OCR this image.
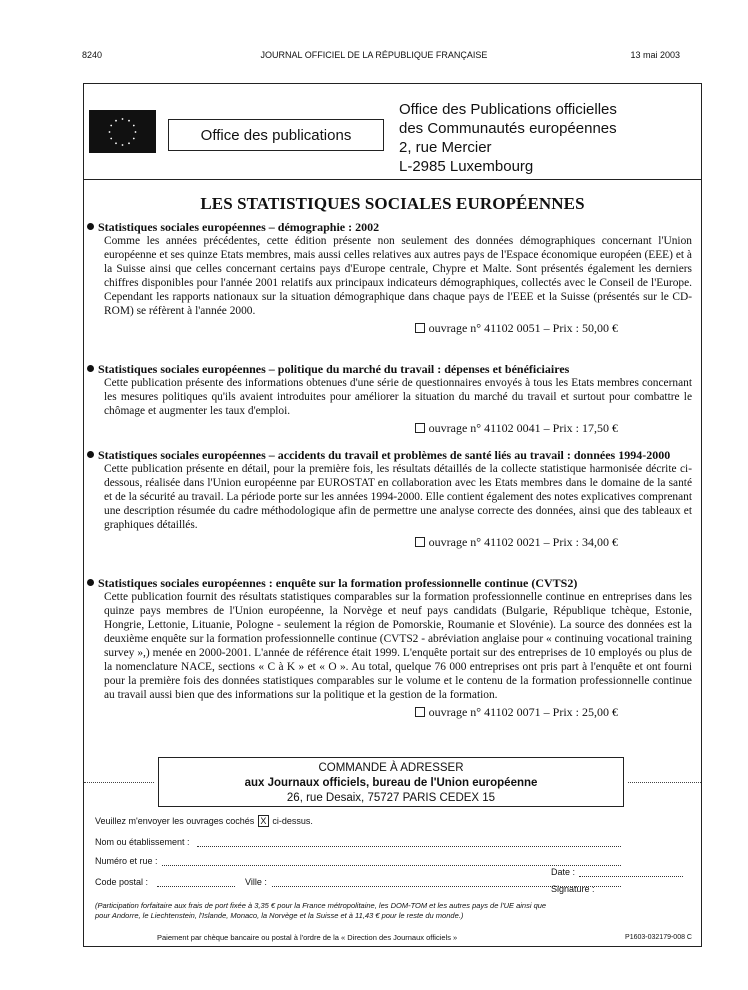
8240	JOURNAL OFFICIEL DE LA RÉPUBLIQUE FRANÇAISE	13 mai 2003
Office des publications
Office des Publications officielles
des Communautés européennes
2, rue Mercier
L-2985 Luxembourg
LES STATISTIQUES SOCIALES EUROPÉENNES
Statistiques sociales européennes – démographie : 2002
Comme les années précédentes, cette édition présente non seulement des données démographiques concernant l'Union européenne et ses quinze Etats membres, mais aussi celles relatives aux autres pays de l'Espace économique européen (EEE) et à la Suisse ainsi que celles concernant certains pays d'Europe centrale, Chypre et Malte. Sont présentés également les derniers chiffres disponibles pour l'année 2001 relatifs aux principaux indicateurs démographiques, collectés avec le Conseil de l'Europe. Cependant les rapports nationaux sur la situation démographique dans chaque pays de l'EEE et la Suisse (présentés sur le CD-ROM) se réfèrent à l'année 2000.
ouvrage n° 41102 0051 – Prix : 50,00 €
Statistiques sociales européennes – politique du marché du travail : dépenses et bénéficiaires
Cette publication présente des informations obtenues d'une série de questionnaires envoyés à tous les Etats membres concernant les mesures politiques qu'ils avaient introduites pour améliorer la situation du marché du travail et surtout pour combattre le chômage et augmenter les taux d'emploi.
ouvrage n° 41102 0041 – Prix : 17,50 €
Statistiques sociales européennes – accidents du travail et problèmes de santé liés au travail : données 1994-2000
Cette publication présente en détail, pour la première fois, les résultats détaillés de la collecte statistique harmonisée décrite ci-dessous, réalisée dans l'Union européenne par EUROSTAT en collaboration avec les Etats membres dans le domaine de la santé et de la sécurité au travail. La période porte sur les années 1994-2000. Elle contient également des notes explicatives comprenant une description résumée du cadre méthodologique afin de permettre une analyse correcte des données, ainsi que des tableaux et graphiques détaillés.
ouvrage n° 41102 0021 – Prix : 34,00 €
Statistiques sociales européennes : enquête sur la formation professionnelle continue (CVTS2)
Cette publication fournit des résultats statistiques comparables sur la formation professionnelle continue en entreprises dans les quinze pays membres de l'Union européenne, la Norvège et neuf pays candidats (Bulgarie, République tchèque, Estonie, Hongrie, Lettonie, Lituanie, Pologne - seulement la région de Pomorskie, Roumanie et Slovénie). La source des données est la deuxième enquête sur la formation professionnelle continue (CVTS2 - abréviation anglaise pour « continuing vocational training survey »,) menée en 2000-2001. L'année de référence était 1999. L'enquête portait sur des entreprises de 10 employés ou plus de la nomenclature NACE, sections « C à K » et « O ». Au total, quelque 76 000 entreprises ont pris part à l'enquête et ont fourni pour la première fois des données statistiques comparables sur le volume et le contenu de la formation professionnelle continue au travail aussi bien que des informations sur la politique et la gestion de la formation.
ouvrage n° 41102 0071 – Prix : 25,00 €
COMMANDE À ADRESSER
aux Journaux officiels, bureau de l'Union européenne
26, rue Desaix, 75727 PARIS CEDEX 15
Veuillez m'envoyer les ouvrages cochés X ci-dessus.
Nom ou établissement :
Numéro et rue :
Date :
Code postal :	Ville :
Signature :
(Participation forfaitaire aux frais de port fixée à 3,35 € pour la France métropolitaine, les DOM-TOM et les autres pays de l'UE ainsi que pour Andorre, le Liechtenstein, l'Islande, Monaco, la Norvège et la Suisse et à 11,43 € pour le reste du monde.)
Paiement par chèque bancaire ou postal à l'ordre de la « Direction des Journaux officiels »	P1603-032179-008 C
